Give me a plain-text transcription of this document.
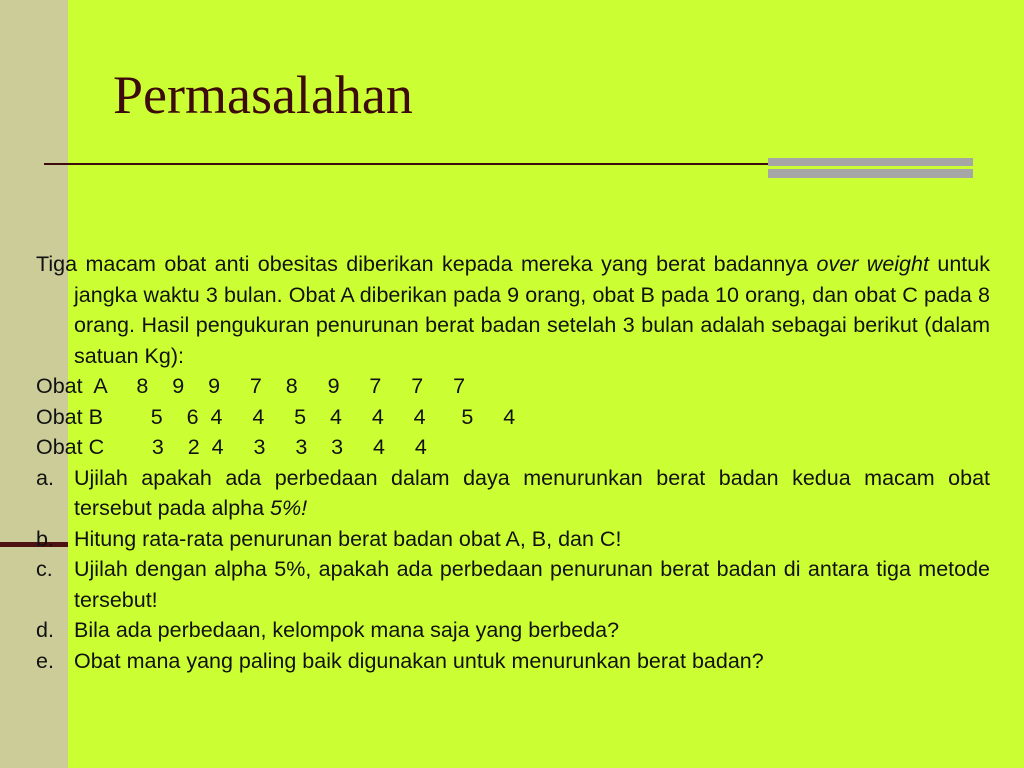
Permasalahan

Tiga macam obat anti obesitas diberikan kepada mereka yang berat badannya over weight untuk jangka waktu 3 bulan. Obat A diberikan pada 9 orang, obat B pada 10 orang, dan obat C pada 8 orang. Hasil pengukuran penurunan berat badan setelah 3 bulan adalah sebagai berikut (dalam satuan Kg):

Obat  A 8    9    9     7    8     9     7     7     7

Obat B 5    6  4     4     5    4     4     4      5     4

Obat C 3    2  4     3     3    3     4     4

a. Ujilah apakah ada perbedaan dalam daya menurunkan berat badan kedua macam obat tersebut pada alpha 5%!
b. Hitung rata-rata penurunan berat badan obat A, B, dan C!
c. Ujilah dengan alpha 5%, apakah ada perbedaan penurunan berat badan di antara tiga metode tersebut!
d. Bila ada perbedaan, kelompok mana saja yang berbeda?
e. Obat mana yang paling baik digunakan untuk menurunkan berat badan?
